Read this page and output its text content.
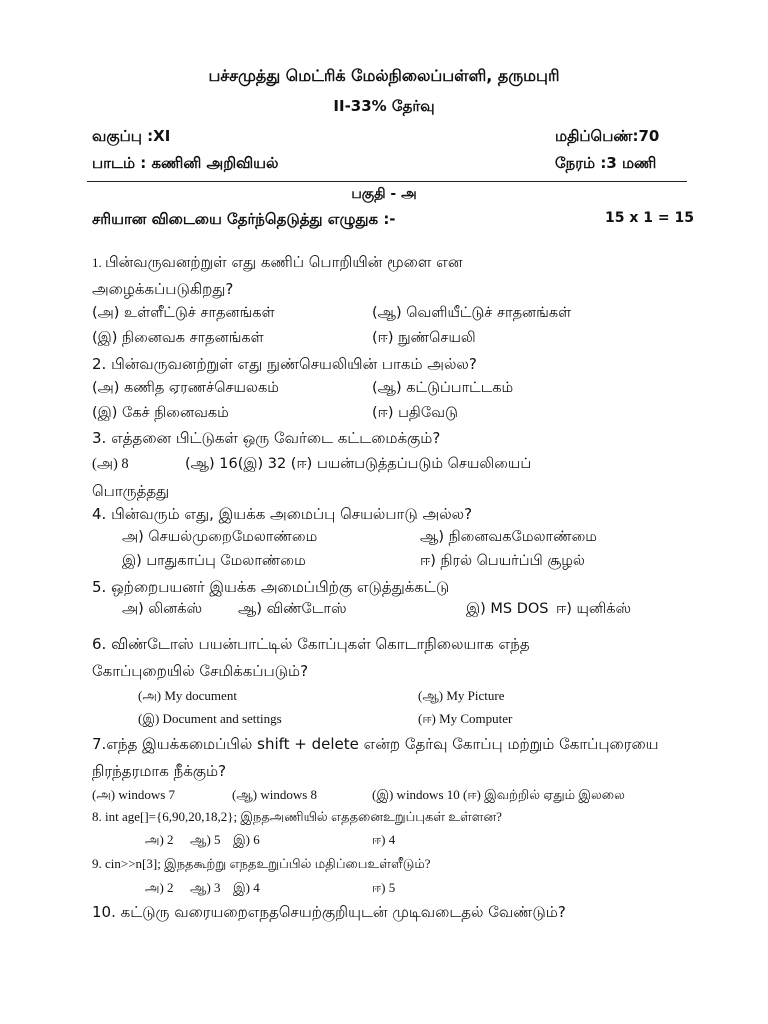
பச்சமுத்து மெட்ரிக் மேல்நிலைப்பள்ளி, தருமபுரி
II-33% தேர்வு
வகுப்பு :XI	மதிப்பெண்:70
பாடம் : கணினி அறிவியல்	நேரம் :3 மணி
பகுதி - அ
சரியான விடையை தேர்ந்தெடுத்து எழுதுக :-	15 x 1 = 15
1. பின்வருவனற்றுள் எது கணிப் பொறியின் மூளை என
அழைக்கப்படுகிறது?
(அ) உள்ளீட்டுச் சாதனங்கள்	(ஆ) வெளியீட்டுச் சாதனங்கள்
(இ) நினைவக சாதனங்கள்	(ஈ) நுண்செயலி
2. பின்வருவனற்றுள் எது நுண்செயலியின் பாகம் அல்ல?
(அ) கணித ஏரணச்செயலகம்	(ஆ) கட்டுப்பாட்டகம்
(இ) கேச் நினைவகம்	(ஈ) பதிவேடு
3. எத்தனை பிட்டுகள் ஒரு வேர்டை கட்டமைக்கும்?
(அ) 8	(ஆ) 16(இ) 32 (ஈ) பயன்படுத்தப்படும் செயலியைப்
பொருத்தது
4. பின்வரும் எது, இயக்க அமைப்பு செயல்பாடு அல்ல?
அ) செயல்முறைமேலாண்மை	ஆ) நினைவகமேலாண்மை
இ) பாதுகாப்பு மேலாண்மை	ஈ) நிரல் பெயர்ப்பி சூழல்
5. ஒற்றைபயனர் இயக்க அமைப்பிற்கு எடுத்துக்கட்டு
அ) லினக்ஸ் ஆ) விண்டோஸ்	இ) MS DOS ஈ) யுனிக்ஸ்
6. விண்டோஸ் பயன்பாட்டில் கோப்புகள் கொடாநிலையாக எந்த
கோப்புறையில் சேமிக்கப்படும்?
(அ) My document	(ஆ) My Picture
(இ) Document and settings	(ஈ) My Computer
7.எந்த இயக்கமைப்பில் shift + delete என்ற தேர்வு கோப்பு மற்றும் கோப்புரையை
நிரந்தரமாக நீக்கும்?
(அ) windows 7	(ஆ) windows 8	(இ) windows 10 (ஈ) இவற்றில் ஏதும் இலலை
8. int age[]={6,90,20,18,2}; இநதஅணியில் எததனைஉறுப்புகள் உள்ளன?
அ) 2 ஆ) 5 இ) 6	ஈ) 4
9. cin>>n[3]; இநதகூற்று எநதஉறுப்பில் மதிப்பைஉள்ளீடும்?
அ) 2 ஆ) 3 இ) 4	ஈ) 5
10. கட்டுரு வரையறைஎநதசெயற்குறியுடன் முடிவடைதல் வேண்டும்?
